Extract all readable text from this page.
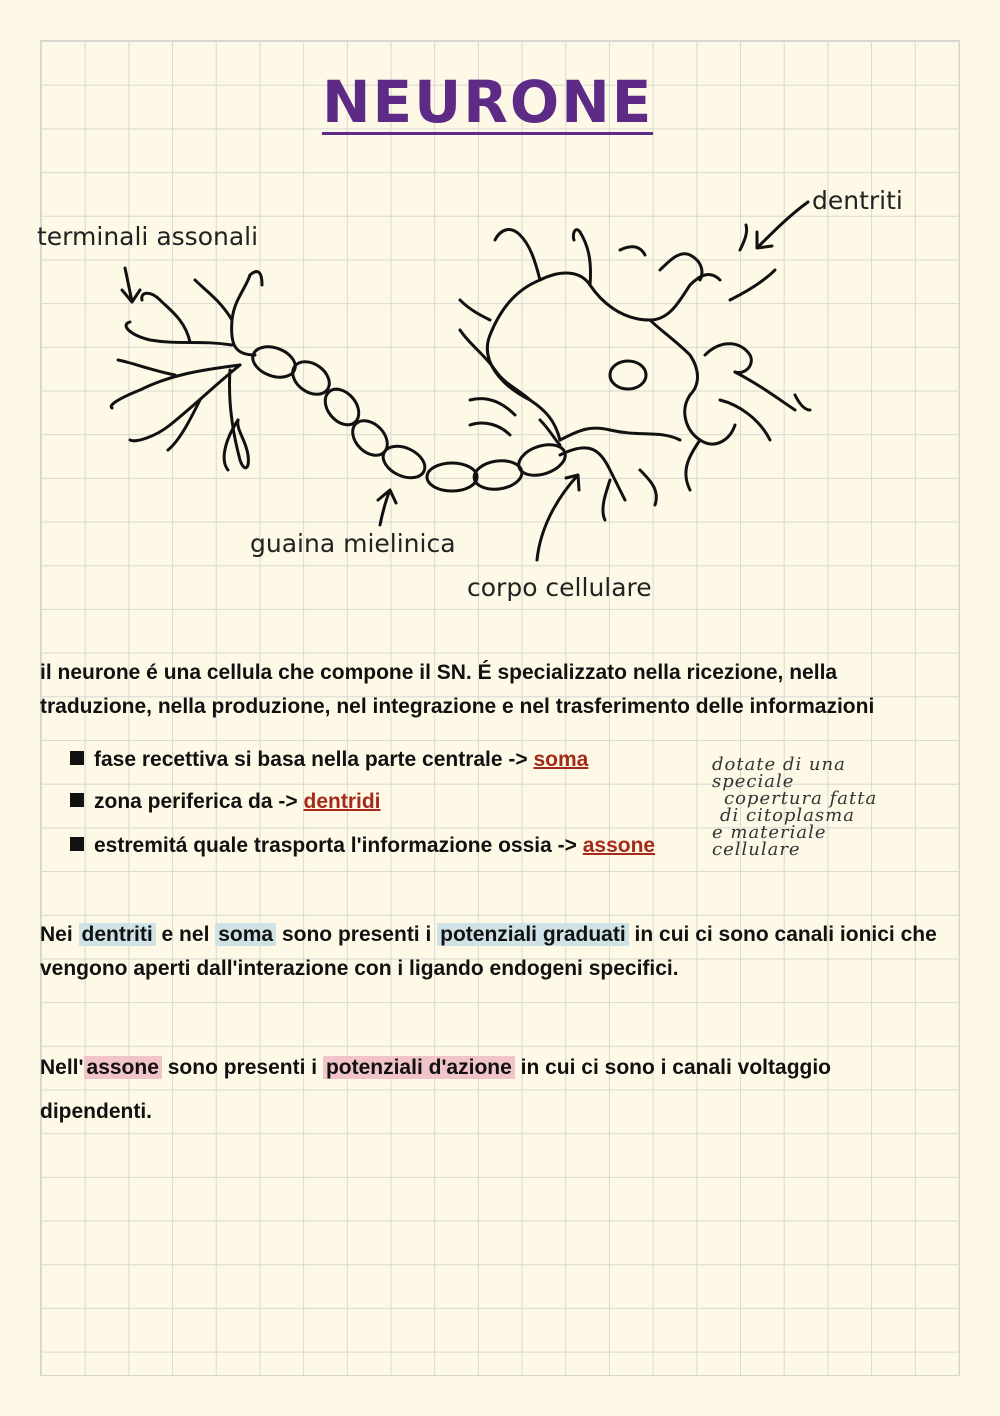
NEURONE
dentriti
terminali assonali
guaina mielinica
corpo cellulare
il neurone é una cellula che compone il SN. É specializzato nella ricezione, nella traduzione, nella produzione, nel integrazione e nel trasferimento delle informazioni
fase recettiva si basa nella parte centrale -> soma
zona periferica da -> dentridi
estremitá quale trasporta l'informazione ossia -> assone
dotate di una
speciale
copertura fatta
di citoplasma
e materiale
cellulare
Nei dentriti e nel soma sono presenti i potenziali graduati in cui ci sono canali ionici che
vengono aperti dall'interazione con i ligando endogeni specifici.
Nell' assone sono presenti i potenziali d'azione in cui ci sono i canali voltaggio
dipendenti.
